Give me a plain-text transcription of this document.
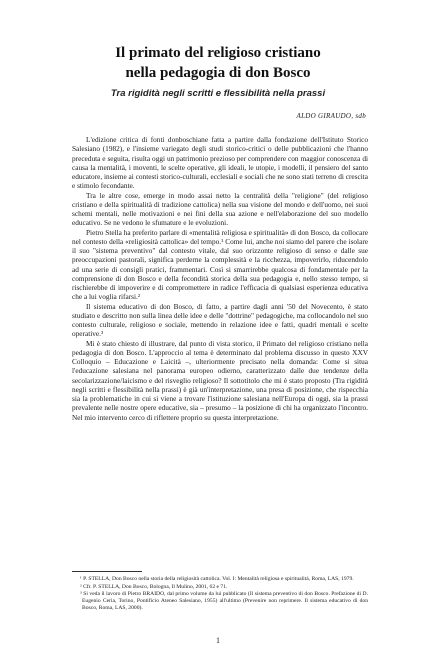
Il primato del religioso cristiano
nella pedagogia di don Bosco
Tra rigidità negli scritti e flessibilità nella prassi
ALDO GIRAUDO, sdb

L'edizione critica di fonti donboschiane fatta a partire dalla fondazione dell'Istituto Storico Salesiano (1982), e l'insieme variegato degli studi storico-critici o delle pubblicazioni che l'hanno preceduta e seguita, risulta oggi un patrimonio prezioso per comprendere con maggior conoscenza di causa la mentalità, i moventi, le scelte operative, gli ideali, le utopie, i modelli, il pensiero del santo educatore, insieme ai contesti storico-culturali, ecclesiali e sociali che ne sono stati terreno di crescita e stimolo fecondante.

Tra le altre cose, emerge in modo assai netto la centralità della "religione" (del religioso cristiano e della spiritualità di tradizione cattolica) nella sua visione del mondo e dell'uomo, nei suoi schemi mentali, nelle motivazioni e nei fini della sua azione e nell'elaborazione del suo modello educativo. Se ne vedono le sfumature e le evoluzioni.

Pietro Stella ha preferito parlare di «mentalità religiosa e spiritualità» di don Bosco, da collocare nel contesto della «religiosità cattolica» del tempo.¹ Come lui, anche noi siamo del parere che isolare il suo "sistema preventivo" dal contesto vitale, dal suo orizzonte religioso di senso e dalle sue preoccupazioni pastorali, significa perderne la complessità e la ricchezza, impoverirlo, riducendolo ad una serie di consigli pratici, frammentari. Così si smarrirebbe qualcosa di fondamentale per la comprensione di don Bosco e della fecondità storica della sua pedagogia e, nello stesso tempo, si rischierebbe di impoverire e di compromettere in radice l'efficacia di qualsiasi esperienza educativa che a lui voglia rifarsi.²

Il sistema educativo di don Bosco, di fatto, a partire dagli anni '50 del Novecento, è stato studiato e descritto non sulla linea delle idee e delle "dottrine" pedagogiche, ma collocandolo nel suo contesto culturale, religioso e sociale, mettendo in relazione idee e fatti, quadri mentali e scelte operative.³

Mi è stato chiesto di illustrare, dal punto di vista storico, il Primato del religioso cristiano nella pedagogia di don Bosco. L'approccio al tema è determinato dal problema discusso in questo XXV Colloquio – Educazione e Laicità –, ulteriormente precisato nella domanda: Come si situa l'educazione salesiana nel panorama europeo odierno, caratterizzato dalle due tendenze della secolarizzazione/laicismo e del risveglio religioso? Il sottotitolo che mi è stato proposto (Tra rigidità negli scritti e flessibilità nella prassi) è già un'interpretazione, una presa di posizione, che rispecchia sia la problematiche in cui si viene a trovare l'istituzione salesiana nell'Europa di oggi, sia la prassi prevalente nelle nostre opere educative, sia – presumo – la posizione di chi ha organizzato l'incontro. Nel mio intervento cerco di riflettere proprio su questa interpretazione.

¹ P. STELLA, Don Bosco nella storia della religiosità cattolica. Vol. I: Mentalità religiosa e spiritualità, Roma, LAS, 1979.

² Cfr. P. STELLA, Don Bosco, Bologna, Il Mulino, 2001, 62 e 71.

³ Si veda il lavoro di Pietro BRAIDO, dal primo volume da lui pubblicato (Il sistema preventivo di don Bosco. Prefazione di D. Eugenio Ceria, Torino, Pontificio Ateneo Salesiano, 1955) all'ultimo (Prevenire non reprimere. Il sistema educativo di don Bosco, Roma, LAS, 2000).

1
